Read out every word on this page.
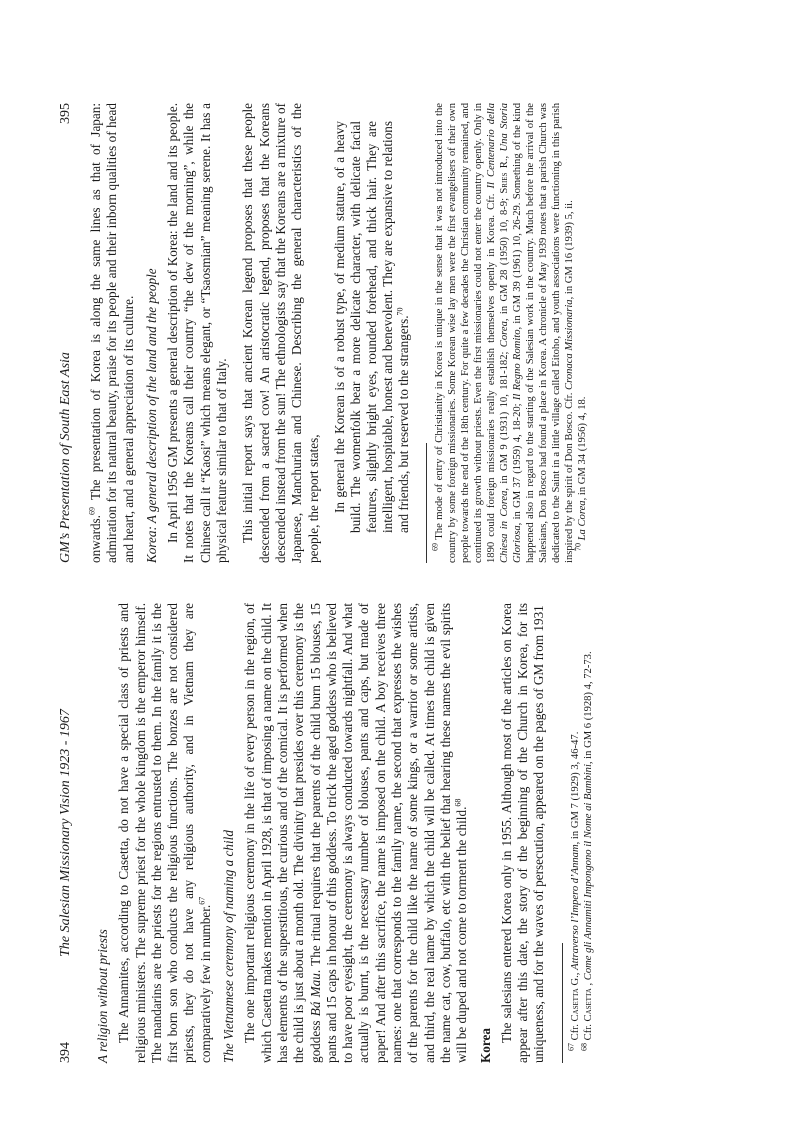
394
The Salesian Missionary Vision 1923 - 1967
A religion without priests The Annamites, according to Casetta, do not have a special class of priests and religious ministers. The supreme priest for the whole kingdom is the emperor himself. The mandarins are the priests for the regions entrusted to them. In the family it is the first born son who conducts the religious functions. The bonzes are not considered priests, they do not have any religious authority, and in Vietnam they are comparatively few in number.$^{67}$	The Vietnamese ceremony of naming a child The one important religious ceremony in the life of every person in the region, of which Casetta makes mention in April 1928, is that of imposing a name on the child. It has elements of the superstitious, the curious and of the comical. It is performed when the child is just about a month old. The divinity that presides over this ceremony is the goddess Bá Mau. The ritual requires that the parents of the child burn 15 blouses, 15 pants and 15 caps in honour of this goddess. To trick the aged goddess who is believed to have poor eyesight, the ceremony is always conducted towards nightfall. And what actually is burnt, is the necessary number of blouses, pants and caps, but made of paper! And after this sacrifice, the name is imposed on the child. A boy receives three names: one that corresponds to the family name, the second that expresses the wishes of the parents for the child like the name of some kings, or a warrior or some artists, and third, the real name by which the child will be called. At times the child is given the name cat, cow, buffalo, etc with the belief that hearing these names the evil spirits will be duped and not come to torment the child.$^{68}$

Korea

The salesians entered Korea only in 1955. Although most of the articles on Korea appear after this date, the story of the beginning of the Church in Korea, for its uniqueness, and for the waves of persecution, appeared on the pages of GM from 1931 $^{67}$ Cfr. Casetta G., Attraverso l’Impero d’Annam, in GM 7 (1929) 3, 46-47.

$^{68}$ Cfr. Casetta , Come gli Annamiti Impongono il Nome ai Bambini, in GM 6 (1928) 4, 72-73.

GM’s Presentation of South East Asia
395

onwards.$^{69}$ The presentation of Korea is along the same lines as that of Japan: admiration for its natural beauty, praise for its people and their inborn qualities of head and heart, and a general appreciation of its culture. Korea: A general description of the land and the people In April 1956 GM presents a general description of Korea: the land and its people. It notes that the Koreans call their country “the dew of the morning”, while the Chinese call it “Kaosi” which means elegant, or “Tsaosmian” meaning serene. It has a physical feature similar to that of Italy. This initial report says that ancient Korean legend proposes that these people descended from a sacred cow! An aristocratic legend, proposes that the Koreans descended instead from the sun! The ethnologists say that the Koreans are a mixture of Japanese, Manchurian and Chinese. Describing the general characteristics of the people, the report states, In general the Korean is of a robust type, of medium stature, of a heavy build. The womenfolk bear a more delicate character, with delicate facial features, slightly bright eyes, rounded forehead, and thick hair. They are intelligent, hospitable, honest and benevolent. They are expansive to relations and friends, but reserved to the strangers.$^{70}$

$^{69}$ The mode of entry of Christianity in Korea is unique in the sense that it was not introduced into the country by some foreign missionaries. Some Korean wise lay men were the first evangelisers of their own people towards the end of the 18th century. For quite a few decades the Christian community remained, and continued its growth without priests. Even the first missionaries could not enter the country openly. Only in 1890 could foreign missionaries really establish themselves openly in Korea. Cfr. Il Centenario della Chiesa in Corea, in GM 9 (1931) 10, 181-182; Corea, in GM 28 (1950) 10, 8-9; Sries R., Una Storia Gloriosa, in GM 37 (1959) 4, 18-20; Il Regno Romito, in GM 39 (1961) 10, 26-29. Something of the kind happened also in regard to the starting of the Salesian work in the country. Much before the arrival of the Salesians, Don Bosco had found a place in Korea. A chronicle of May 1939 notes that a parish Church was dedicated to the Saint in a little village called Eitoho, and youth associations were functioning in this parish inspired by the spirit of Don Bosco. Cfr. Cronaca Missionaria, in GM 16 (1939) 5, ii.

$^{70}$ La Corea, in GM 34 (1956) 4, 18.
